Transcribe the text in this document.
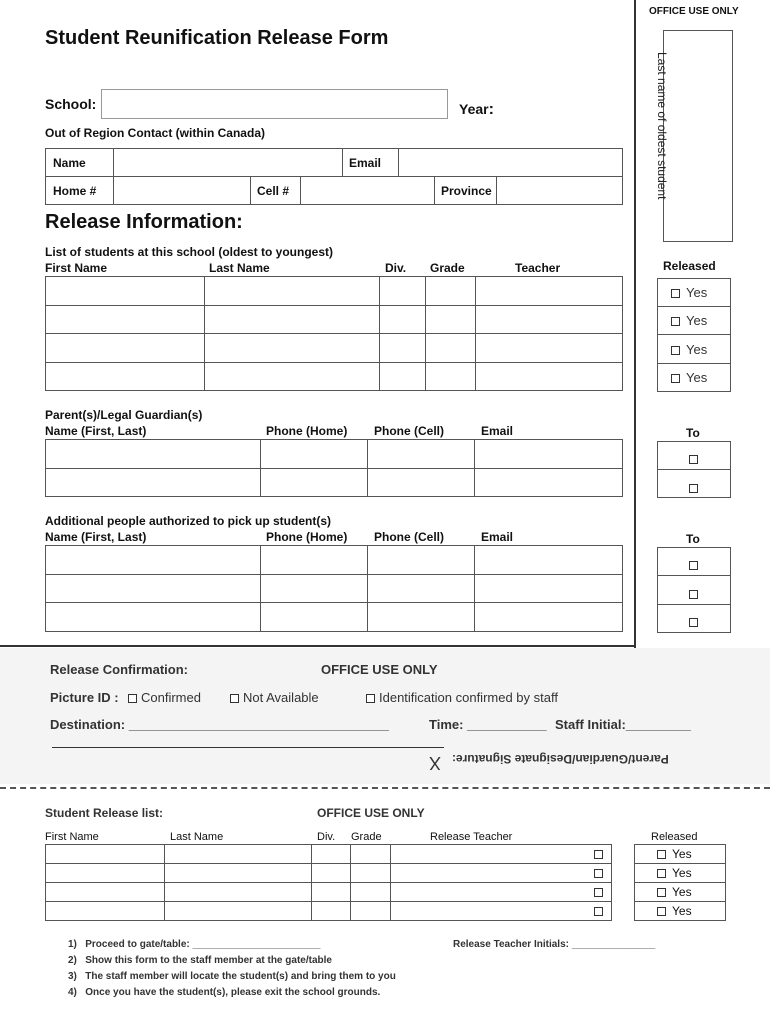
OFFICE USE ONLY
Last name of oldest student
Student Reunification Release Form
School:	Year:
Out of Region Contact (within Canada)
Name	Email
Home #	Cell #	Province
Release Information:
List of students at this school (oldest to youngest)
First Name	Last Name	Div. Grade	Teacher

					Released
Yes
Yes
Yes
Yes
Parent(s)/Legal Guardian(s)
Name (First, Last)	Phone (Home) Phone (Cell)	Email

				To
Additional people authorized to pick up student(s)
Name (First, Last)	Phone (Home) Phone (Cell)	Email

				To
Release Confirmation:	OFFICE USE ONLY
Picture ID :	Confirmed	Not Available	Identification confirmed by staff
Destination: ____________________________________	Time: ___________ Staff Initial:_________
X Parent/Guardian/Designate Signature:
Student Release list:	OFFICE USE ONLY
First Name	Last Name	Div. Grade	Release Teacher	Released

Yes
Yes
Yes
Yes
1) Proceed to gate/table: _______________________
2) Show this form to the staff member at the gate/table
3) The staff member will locate the student(s) and bring them to you
4) Once you have the student(s), please exit the school grounds.
Release Teacher Initials: _______________
